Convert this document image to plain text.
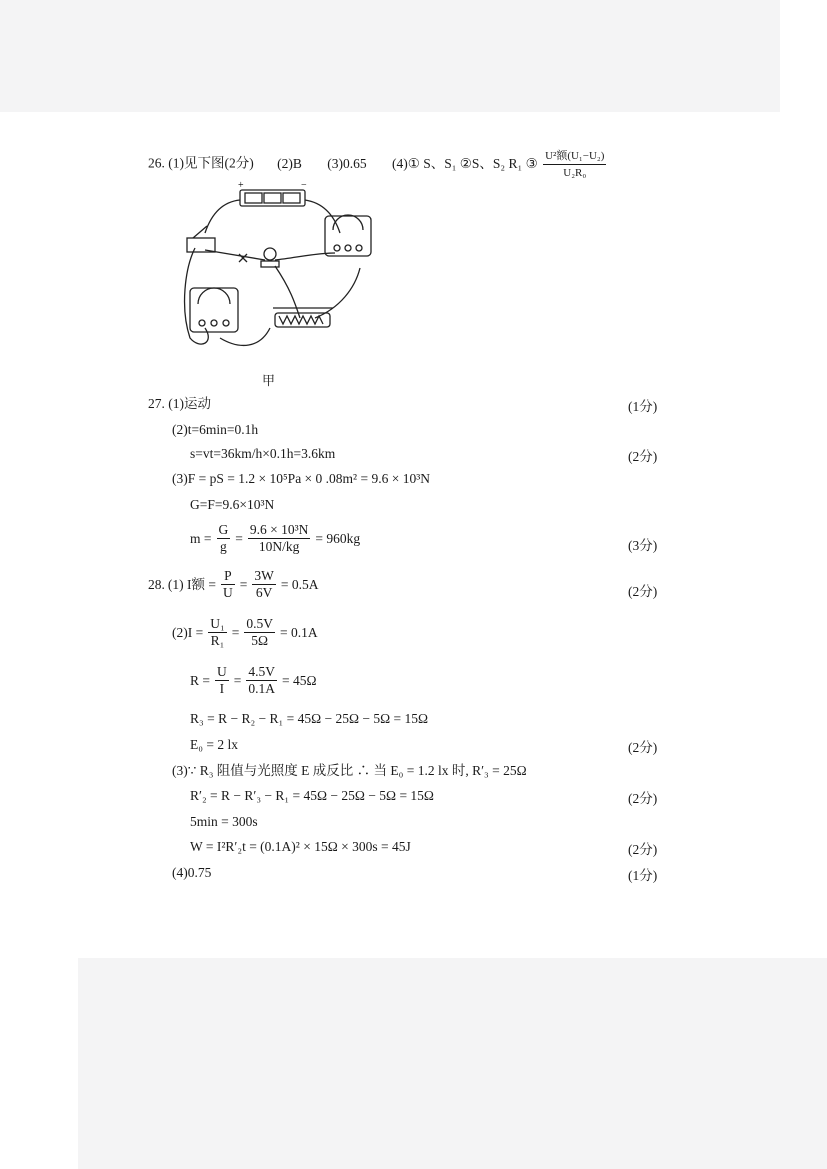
26. (1)见下图(2分) (2)B (3)0.65 (4)① S、S₁ ②S、S₂ R₁ ③ $\frac{\text{U²额(U₁−U₂)}}{\text{U₂R₀}}$
+	−
甲
27. (1)运动	(1分)
(2)t=6min=0.1h
s=vt=36km/h×0.1h=3.6km	(2分)
(3)F = pS = 1.2 × 10⁵Pa × 0 .08m² = 9.6 × 10³N
G=F=9.6×10³N
$m = \frac{G}{g} = \frac{\text{9.6 × 10³N}}{10N/kg} = 960kg$	(3分)
28. (1) I额 = $\frac{P}{U} = \frac{3W}{6V} = 0.5A$	(2分)
$(2)I = \frac{\text{U₁}}{\text{R₁}} = \frac{0.5V}{5\Omega} = 0.1A$
$R = \frac{U}{I} = \frac{4.5V}{0.1A} = 45\Omega$
R₃ = R − R₂ − R₁ = 45Ω − 25Ω − 5Ω = 15Ω
E₀ = 2 lx	(2分)
(3)∵ R₃ 阻值与光照度 E 成反比 ∴ 当 E₀ = 1.2 lx 时, R′₃ = 25Ω
R′₂ = R − R′₃ − R₁ = 45Ω − 25Ω − 5Ω = 15Ω	(2分)
5min = 300s
W = I²R′₂t = (0.1A)² × 15Ω × 300s = 45J	(2分)
(4)0.75	(1分)
